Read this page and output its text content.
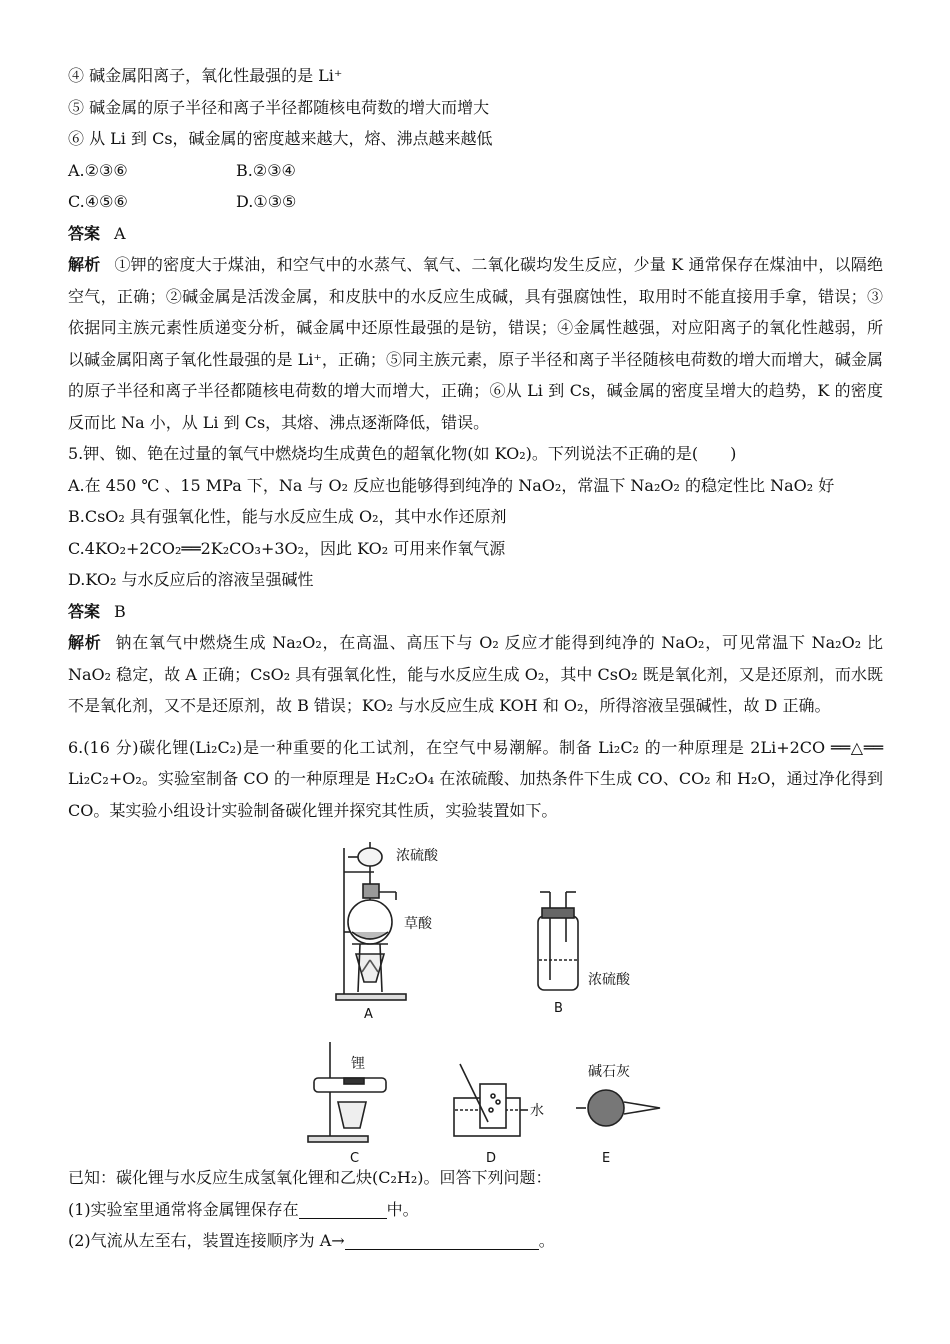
④ 碱金属阳离子，氧化性最强的是 Li⁺
⑤ 碱金属的原子半径和离子半径都随核电荷数的增大而增大
⑥ 从 Li 到 Cs，碱金属的密度越来越大，熔、沸点越来越低
A.②③⑥	B.②③④
C.④⑤⑥	D.①③⑤
答案 A
解析 ①钾的密度大于煤油，和空气中的水蒸气、氧气、二氧化碳均发生反应，少量 K 通常保存在煤油中，以隔绝空气，正确；②碱金属是活泼金属，和皮肤中的水反应生成碱，具有强腐蚀性，取用时不能直接用手拿，错误；③依据同主族元素性质递变分析，碱金属中还原性最强的是钫，错误；④金属性越强，对应阳离子的氧化性越弱，所以碱金属阳离子氧化性最强的是 Li⁺，正确；⑤同主族元素，原子半径和离子半径随核电荷数的增大而增大，碱金属的原子半径和离子半径都随核电荷数的增大而增大，正确；⑥从 Li 到 Cs，碱金属的密度呈增大的趋势，K 的密度反而比 Na 小，从 Li 到 Cs，其熔、沸点逐渐降低，错误。
5.钾、铷、铯在过量的氧气中燃烧均生成黄色的超氧化物(如 KO₂)。下列说法不正确的是(　　)
A.在 450 ℃ 、15 MPa 下，Na 与 O₂ 反应也能够得到纯净的 NaO₂，常温下 Na₂O₂ 的稳定性比 NaO₂ 好
B.CsO₂ 具有强氧化性，能与水反应生成 O₂，其中水作还原剂
C.4KO₂+2CO₂══2K₂CO₃+3O₂，因此 KO₂ 可用来作氧气源
D.KO₂ 与水反应后的溶液呈强碱性
答案 B
解析 钠在氧气中燃烧生成 Na₂O₂，在高温、高压下与 O₂ 反应才能得到纯净的 NaO₂，可见常温下 Na₂O₂ 比 NaO₂ 稳定，故 A 正确；CsO₂ 具有强氧化性，能与水反应生成 O₂，其中 CsO₂ 既是氧化剂，又是还原剂，而水既不是氧化剂，又不是还原剂，故 B 错误；KO₂ 与水反应生成 KOH 和 O₂，所得溶液呈强碱性，故 D 正确。
6.(16 分)碳化锂(Li₂C₂)是一种重要的化工试剂，在空气中易潮解。制备 Li₂C₂ 的一种原理是 2Li+2CO ══△══ Li₂C₂+O₂。实验室制备 CO 的一种原理是 H₂C₂O₄ 在浓硫酸、加热条件下生成 CO、CO₂ 和 H₂O，通过净化得到 CO。某实验小组设计实验制备碳化锂并探究其性质，实验装置如下。
浓硫酸
草酸
A
浓硫酸
B
锂
C
水
D
碱石灰
E
已知：碳化锂与水反应生成氢氧化锂和乙炔(C₂H₂)。回答下列问题：
(1)实验室里通常将金属锂保存在	中。
(2)气流从左至右，装置连接顺序为 A→	。
